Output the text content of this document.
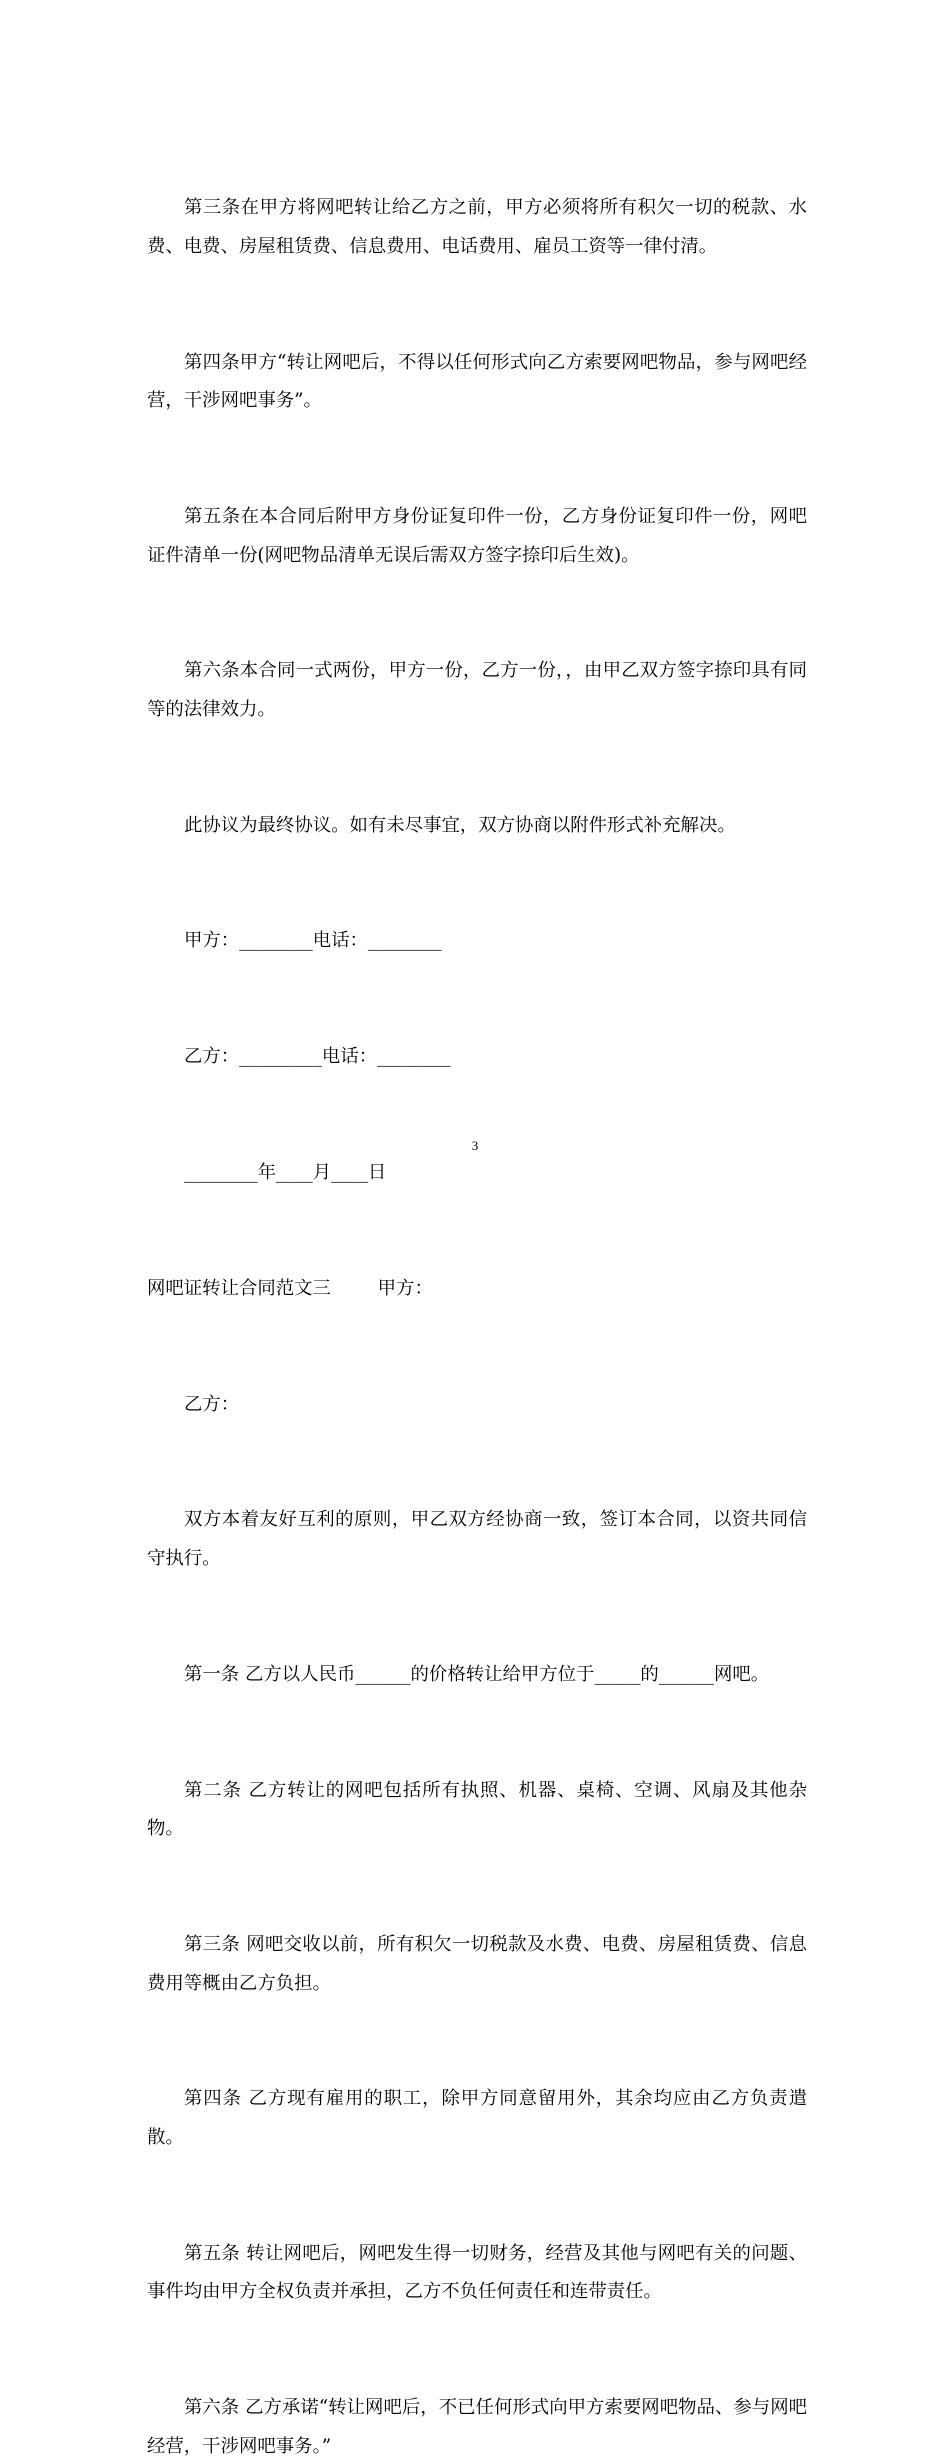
第三条在甲方将网吧转让给乙方之前，甲方必须将所有积欠一切的税款、水费、电费、房屋租赁费、信息费用、电话费用、雇员工资等一律付清。

第四条甲方“转让网吧后，不得以任何形式向乙方索要网吧物品，参与网吧经营，干涉网吧事务”。

第五条在本合同后附甲方身份证复印件一份，乙方身份证复印件一份，网吧证件清单一份(网吧物品清单无误后需双方签字捺印后生效)。

第六条本合同一式两份，甲方一份，乙方一份，，由甲乙双方签字捺印具有同等的法律效力。

此协议为最终协议。如有未尽事宜，双方协商以附件形式补充解决。

甲方：________电话：________

乙方：_________电话：________

________年____月____日

网吧证转让合同范文三        甲方：

乙方：

双方本着友好互利的原则，甲乙双方经协商一致，签订本合同，以资共同信守执行。

第一条 乙方以人民币______的价格转让给甲方位于_____的______网吧。

第二条 乙方转让的网吧包括所有执照、机器、桌椅、空调、风扇及其他杂物。

第三条 网吧交收以前，所有积欠一切税款及水费、电费、房屋租赁费、信息费用等概由乙方负担。

第四条 乙方现有雇用的职工，除甲方同意留用外，其余均应由乙方负责遣散。

第五条 转让网吧后，网吧发生得一切财务，经营及其他与网吧有关的问题、事件均由甲方全权负责并承担，乙方不负任何责任和连带责任。

第六条 乙方承诺“转让网吧后，不已任何形式向甲方索要网吧物品、参与网吧经营，干涉网吧事务。”

3
